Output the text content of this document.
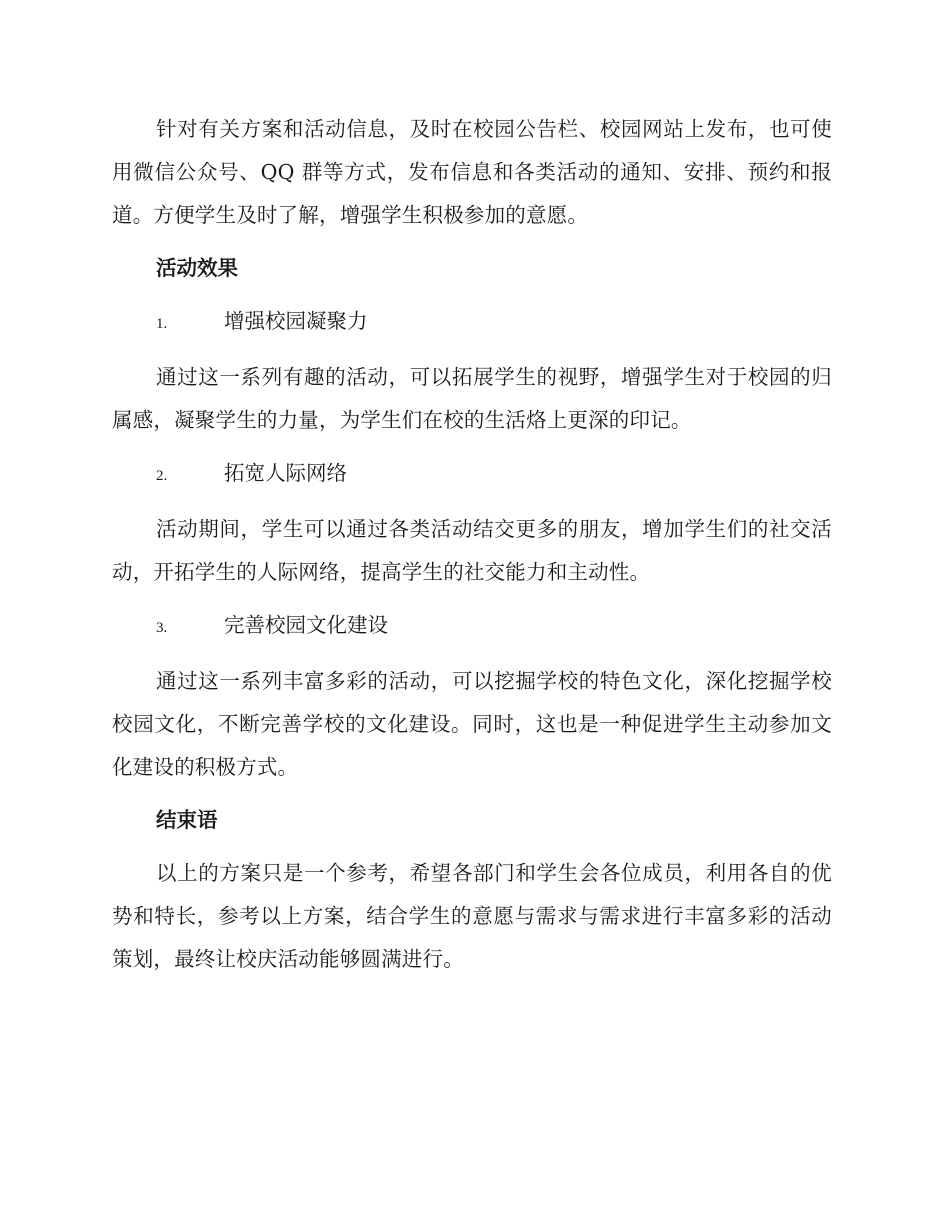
针对有关方案和活动信息，及时在校园公告栏、校园网站上发布，也可使用微信公众号、QQ 群等方式，发布信息和各类活动的通知、安排、预约和报道。方便学生及时了解，增强学生积极参加的意愿。

活动效果
1.	增强校园凝聚力

通过这一系列有趣的活动，可以拓展学生的视野，增强学生对于校园的归属感，凝聚学生的力量，为学生们在校的生活烙上更深的印记。

2.	拓宽人际网络

活动期间，学生可以通过各类活动结交更多的朋友，增加学生们的社交活动，开拓学生的人际网络，提高学生的社交能力和主动性。

3.	完善校园文化建设

通过这一系列丰富多彩的活动，可以挖掘学校的特色文化，深化挖掘学校校园文化，不断完善学校的文化建设。同时，这也是一种促进学生主动参加文化建设的积极方式。

结束语

以上的方案只是一个参考，希望各部门和学生会各位成员，利用各自的优势和特长，参考以上方案，结合学生的意愿与需求与需求进行丰富多彩的活动策划，最终让校庆活动能够圆满进行。
